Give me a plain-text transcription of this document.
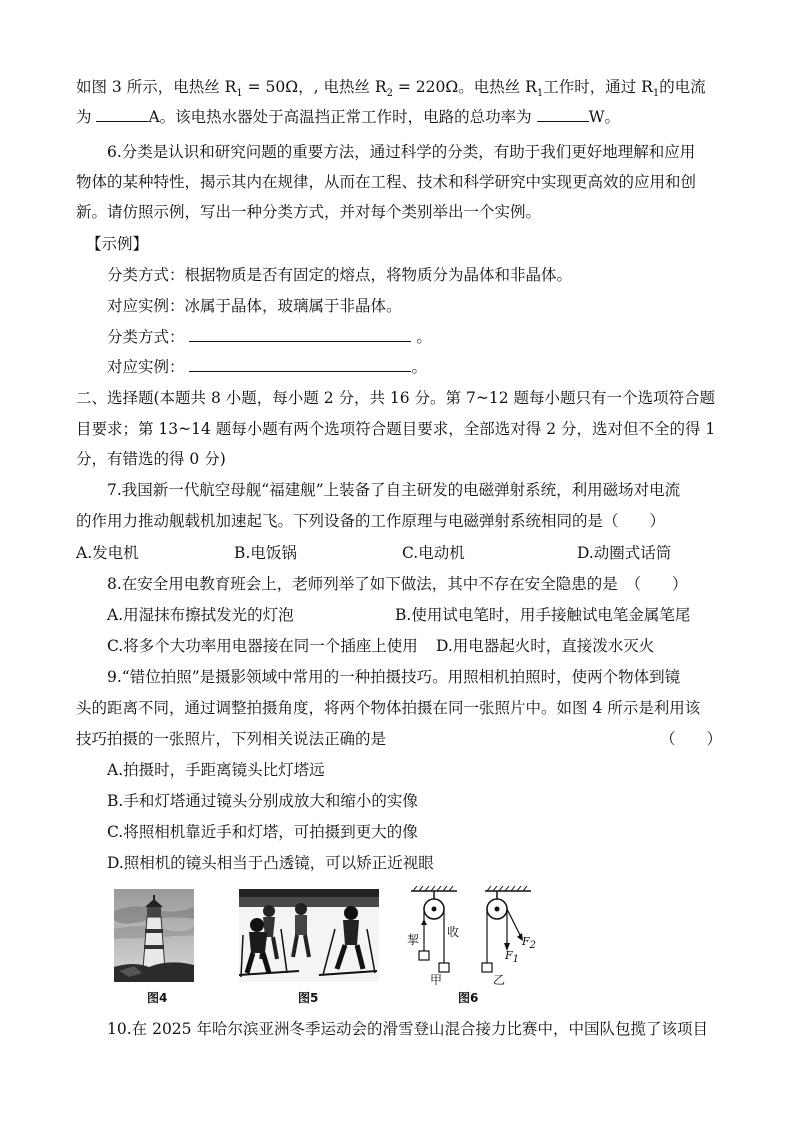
如图 3 所示，电热丝 $R_1 = 50\Omega$，, 电热丝 $R_2 = 220\Omega$。电热丝 $R_1$工作时，通过 $R_1$的电流
为	A。该电热水器处于高温挡正常工作时，电路的总功率为	W。
6.分类是认识和研究问题的重要方法，通过科学的分类，有助于我们更好地理解和应用
物体的某种特性，揭示其内在规律，从而在工程、技术和科学研究中实现更高效的应用和创
新。请仿照示例，写出一种分类方式，并对每个类别举出一个实例。
【示例】
分类方式：根据物质是否有固定的熔点，将物质分为晶体和非晶体。
对应实例：冰属于晶体，玻璃属于非晶体。
分类方式：	。
对应实例：	。
二、选择题(本题共 8 小题，每小题 2 分，共 16 分。第 7~12 题每小题只有一个选项符合题
目要求；第 13~14 题每小题有两个选项符合题目要求，全部选对得 2 分，选对但不全的得 1
分，有错选的得 0 分)
7.我国新一代航空母舰“福建舰”上装备了自主研发的电磁弹射系统，利用磁场对电流
的作用力推动舰载机加速起飞。下列设备的工作原理与电磁弹射系统相同的是（　　）
A.发电机	B.电饭锅	C.电动机	D.动圈式话筒
8.在安全用电教育班会上，老师列举了如下做法，其中不存在安全隐患的是　（　　）
A.用湿抹布擦拭发光的灯泡	B.使用试电笔时，用手接触试电笔金属笔尾
C.将多个大功率用电器接在同一个插座上使用 D.用电器起火时，直接泼水灭火
9.“错位拍照”是摄影领域中常用的一种拍摄技巧。用照相机拍照时，使两个物体到镜
头的距离不同，通过调整拍摄角度，将两个物体拍摄在同一张照片中。如图 4 所示是利用该
技巧拍摄的一张照片，下列相关说法正确的是	（　　）
A.拍摄时，手距离镜头比灯塔远
B.手和灯塔通过镜头分别成放大和缩小的实像
C.将照相机靠近手和灯塔，可拍摄到更大的像
D.照相机的镜头相当于凸透镜，可以矫正近视眼
图4	图5
挈
收
甲	乙
$F_1$
$F_2$
图6
10.在 2025 年哈尔滨亚洲冬季运动会的滑雪登山混合接力比赛中，中国队包揽了该项目
